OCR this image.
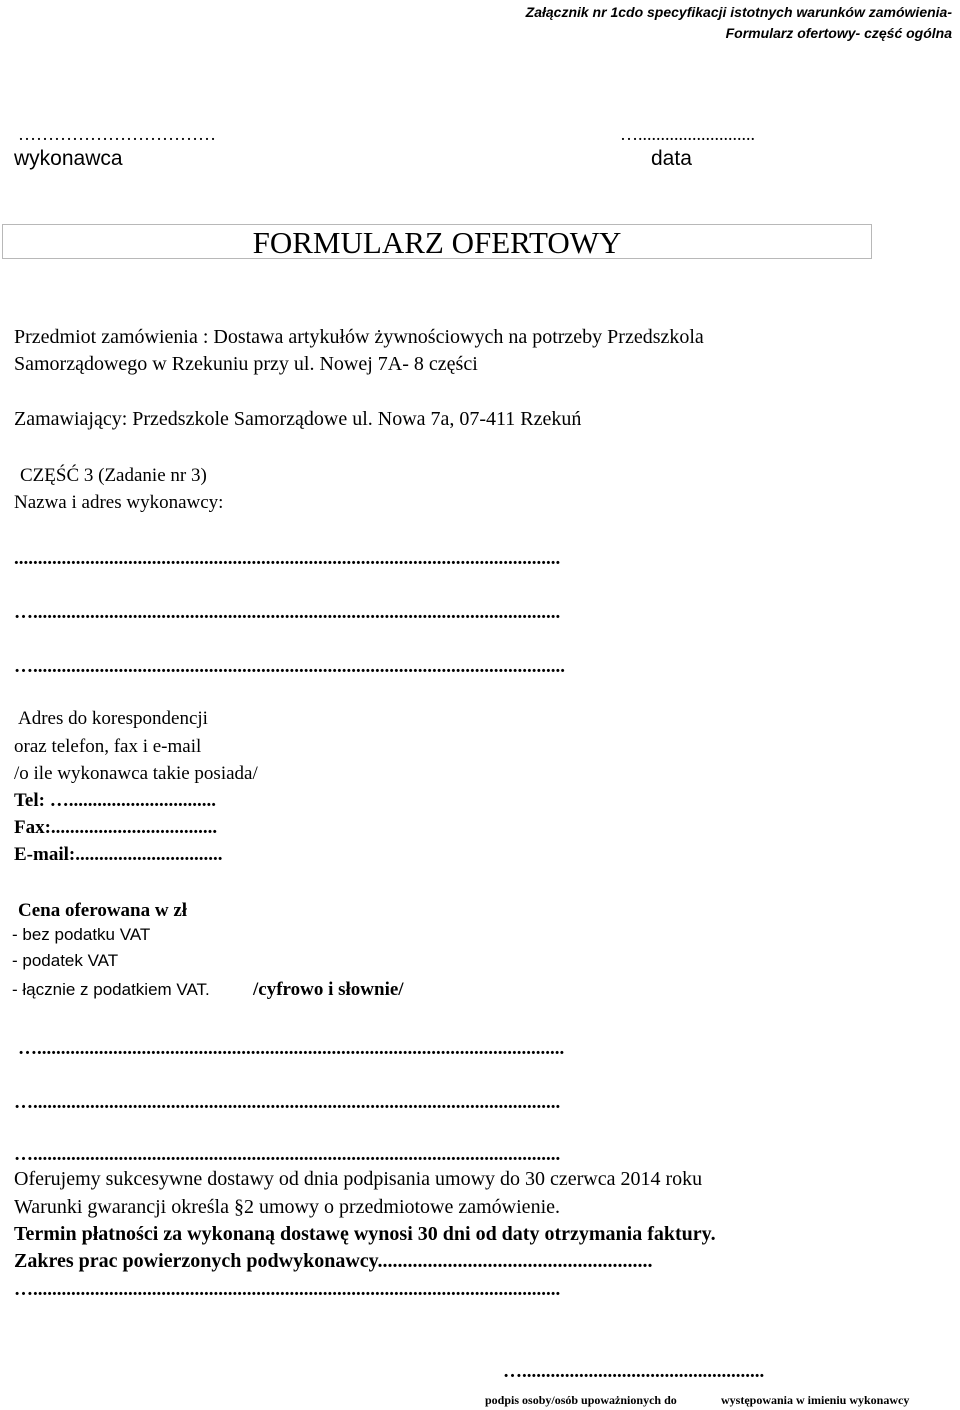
Załącznik nr 1cdo specyfikacji istotnych warunków zamówienia-
Formularz ofertowy- część ogólna
……………………………	…..........................
wykonawca	data
FORMULARZ OFERTOWY
Przedmiot zamówienia : Dostawa artykułów żywnościowych na potrzeby Przedszkola
Samorządowego w Rzekuniu przy ul. Nowej 7A- 8 części
Zamawiający: Przedszkole Samorządowe ul. Nowa 7a, 07-411 Rzekuń
CZĘŚĆ 3 (Zadanie nr 3)
Nazwa i adres wykonawcy:
...................................................................................................................
…...............................................................................................................
…................................................................................................................
Adres do korespondencji
oraz telefon, fax i e-mail
/o ile wykonawca takie posiada/
Tel: …...............................
Fax:...................................
E-mail:...............................
Cena oferowana w zł
- bez podatku VAT
- podatek VAT
- łącznie z podatkiem VAT. /cyfrowo i słownie/
…...............................................................................................................
…...............................................................................................................
…...............................................................................................................
Oferujemy sukcesywne dostawy od dnia podpisania umowy do 30 czerwca 2014 roku
Warunki gwarancji określa §2 umowy o przedmiotowe zamówienie.
Termin płatności za wykonaną dostawę wynosi 30 dni od daty otrzymania faktury.
Zakres prac powierzonych podwykonawcy.......................................................
…...............................................................................................................
…...................................................
podpis osoby/osób upoważnionych do	występowania w imieniu wykonawcy
